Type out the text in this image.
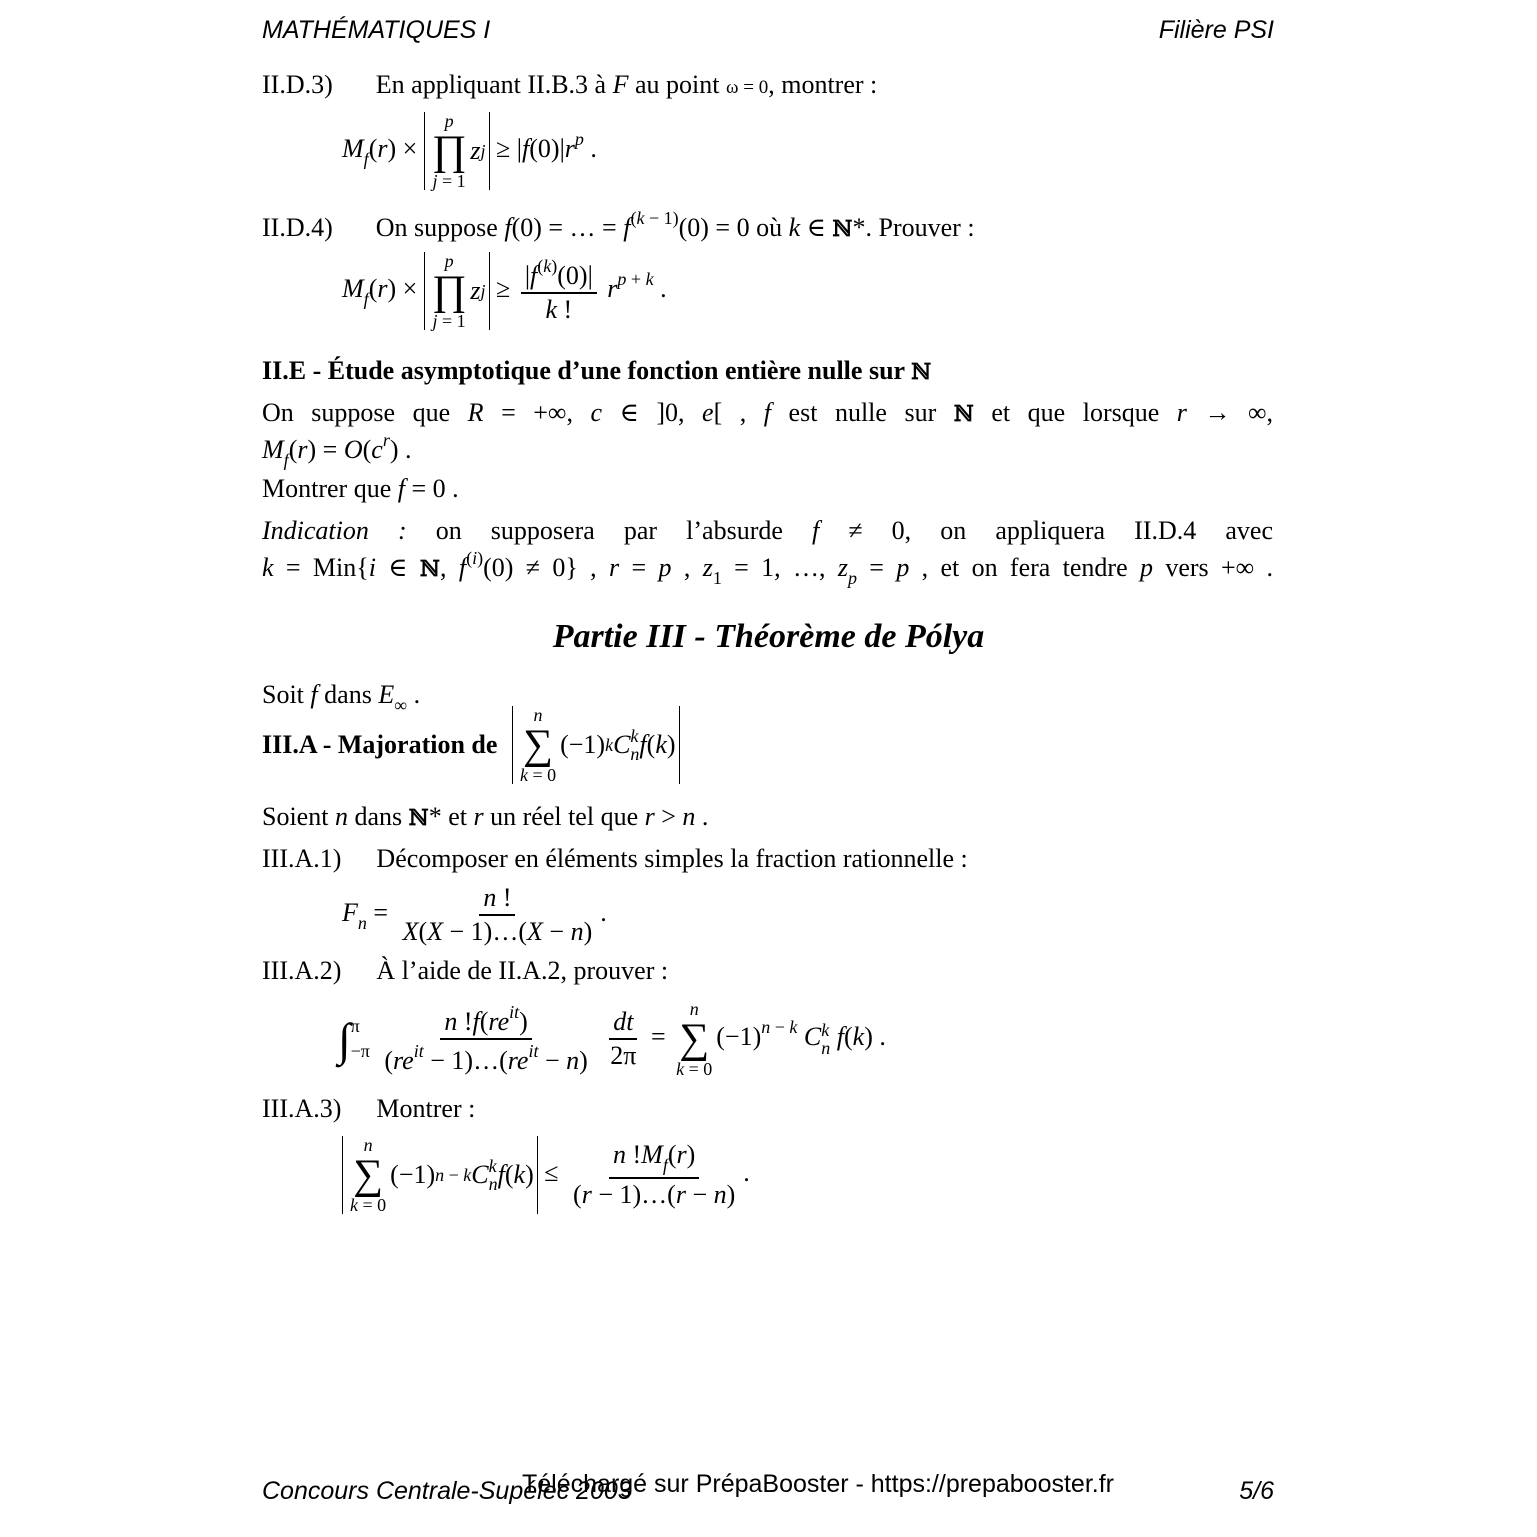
MATHÉMATIQUES I	Filière PSI
II.D.3) En appliquant II.B.3 à F au point ω = 0, montrer :
$M_f(r)$ ×
p
∏
j = 1
z $j \ge |f(0)|r^p$ .
II.D.4) On suppose f(0) = … = $f^{(k - 1)}(0) = 0$ où k ∈ ℕ*. Prouver :
$M_f(r)$ ×
p
∏
j = 1
z $j \ge \frac{|f^{(k)}(0)|}{k !} r^{p + k}$ .
II.E - Étude asymptotique d’une fonction entière nulle sur ℕ
On suppose que R = +∞, c ∈ ]0, e[ , f est nulle sur ℕ et que lorsque r → ∞,
$M_f(r) = O(c^r)$ .
Montrer que f = 0 .
Indication : on supposera par l’absurde f ≠ 0, on appliquera II.D.4 avec
k = Min{i ∈ ℕ, $f^{(i)}(0) \ne 0$} , r = p , $z_1 = 1$, …, $z_p = p$ , et on fera tendre p vers +∞ .
Partie III - Théorème de Pólya
Soit f dans $E_\infty$ .
III.A - Majoration de
n
∑
k = 0
(−1) k C k
n f ( k )
Soient n dans ℕ* et r un réel tel que r > n .
III.A.1) Décomposer en éléments simples la fraction rationnelle :
$F_n = \frac{n !}{X(X - 1)\dots(X - n)}$ .
III.A.2) À l’aide de II.A.2, prouver :
∫ π
−π
$\frac{n !f(re^{it})}{(re^{it} - 1)\dots(re^{it} - n)}$
$\frac{dt}{2\pi}$ =
n
∑
k = 0
$(-1)^{n - k}$ C k
n f(k) .
III.A.3) Montrer :
n
∑
k = 0
(−1) n − k C k
n f ( k ) ≤ $\frac{n !M_f(r)}{(r - 1)\dots(r - n)}$ .
Concours Centrale-Supélec 2003
Téléchargé sur PrépaBooster - https://prepabooster.fr	5/6
